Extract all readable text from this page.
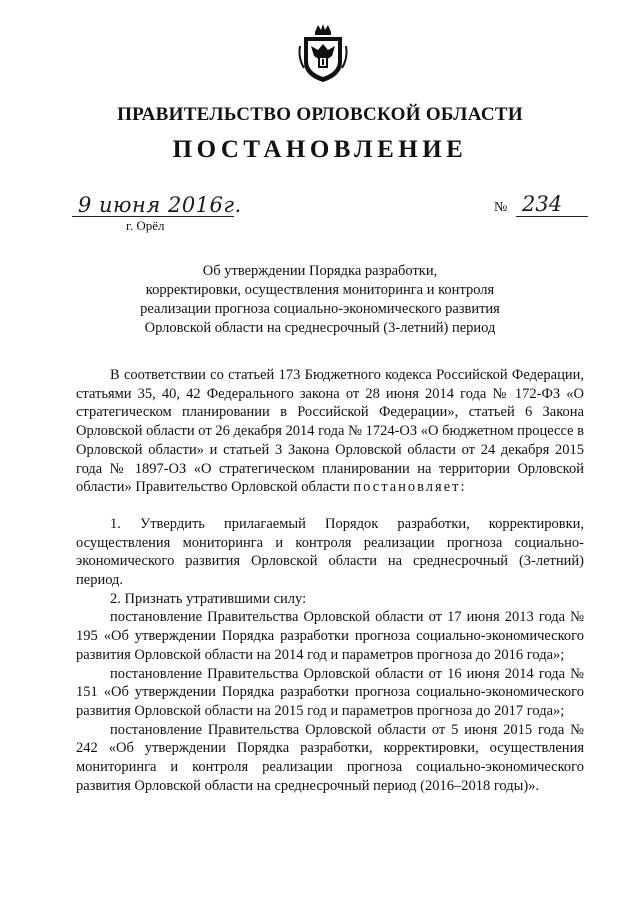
ПРАВИТЕЛЬСТВО ОРЛОВСКОЙ ОБЛАСТИ
ПОСТАНОВЛЕНИЕ
9 июня 2016г.
г. Орёл
№ 234
Об утверждении Порядка разработки,
корректировки, осуществления мониторинга и контроля
реализации прогноза социально-экономического развития
Орловской области на среднесрочный (3-летний) период

В соответствии со статьей 173 Бюджетного кодекса Российской Федерации, статьями 35, 40, 42 Федерального закона от 28 июня 2014 года № 172-ФЗ «О стратегическом планировании в Российской Федерации», статьей 6 Закона Орловской области от 26 декабря 2014 года № 1724-ОЗ «О бюджетном процессе в Орловской области» и статьей 3 Закона Орловской области от 24 декабря 2015 года № 1897-ОЗ «О стратегическом планировании на территории Орловской области» Правительство Орловской области постановляет:

1. Утвердить прилагаемый Порядок разработки, корректировки, осуществления мониторинга и контроля реализации прогноза социально-экономического развития Орловской области на среднесрочный (3-летний) период.

2. Признать утратившими силу:

постановление Правительства Орловской области от 17 июня 2013 года № 195 «Об утверждении Порядка разработки прогноза социально-экономического развития Орловской области на 2014 год и параметров прогноза до 2016 года»;

постановление Правительства Орловской области от 16 июня 2014 года № 151 «Об утверждении Порядка разработки прогноза социально-экономического развития Орловской области на 2015 год и параметров прогноза до 2017 года»;

постановление Правительства Орловской области от 5 июня 2015 года № 242 «Об утверждении Порядка разработки, корректировки, осуществления мониторинга и контроля реализации прогноза социально-экономического развития Орловской области на среднесрочный период (2016–2018 годы)».
